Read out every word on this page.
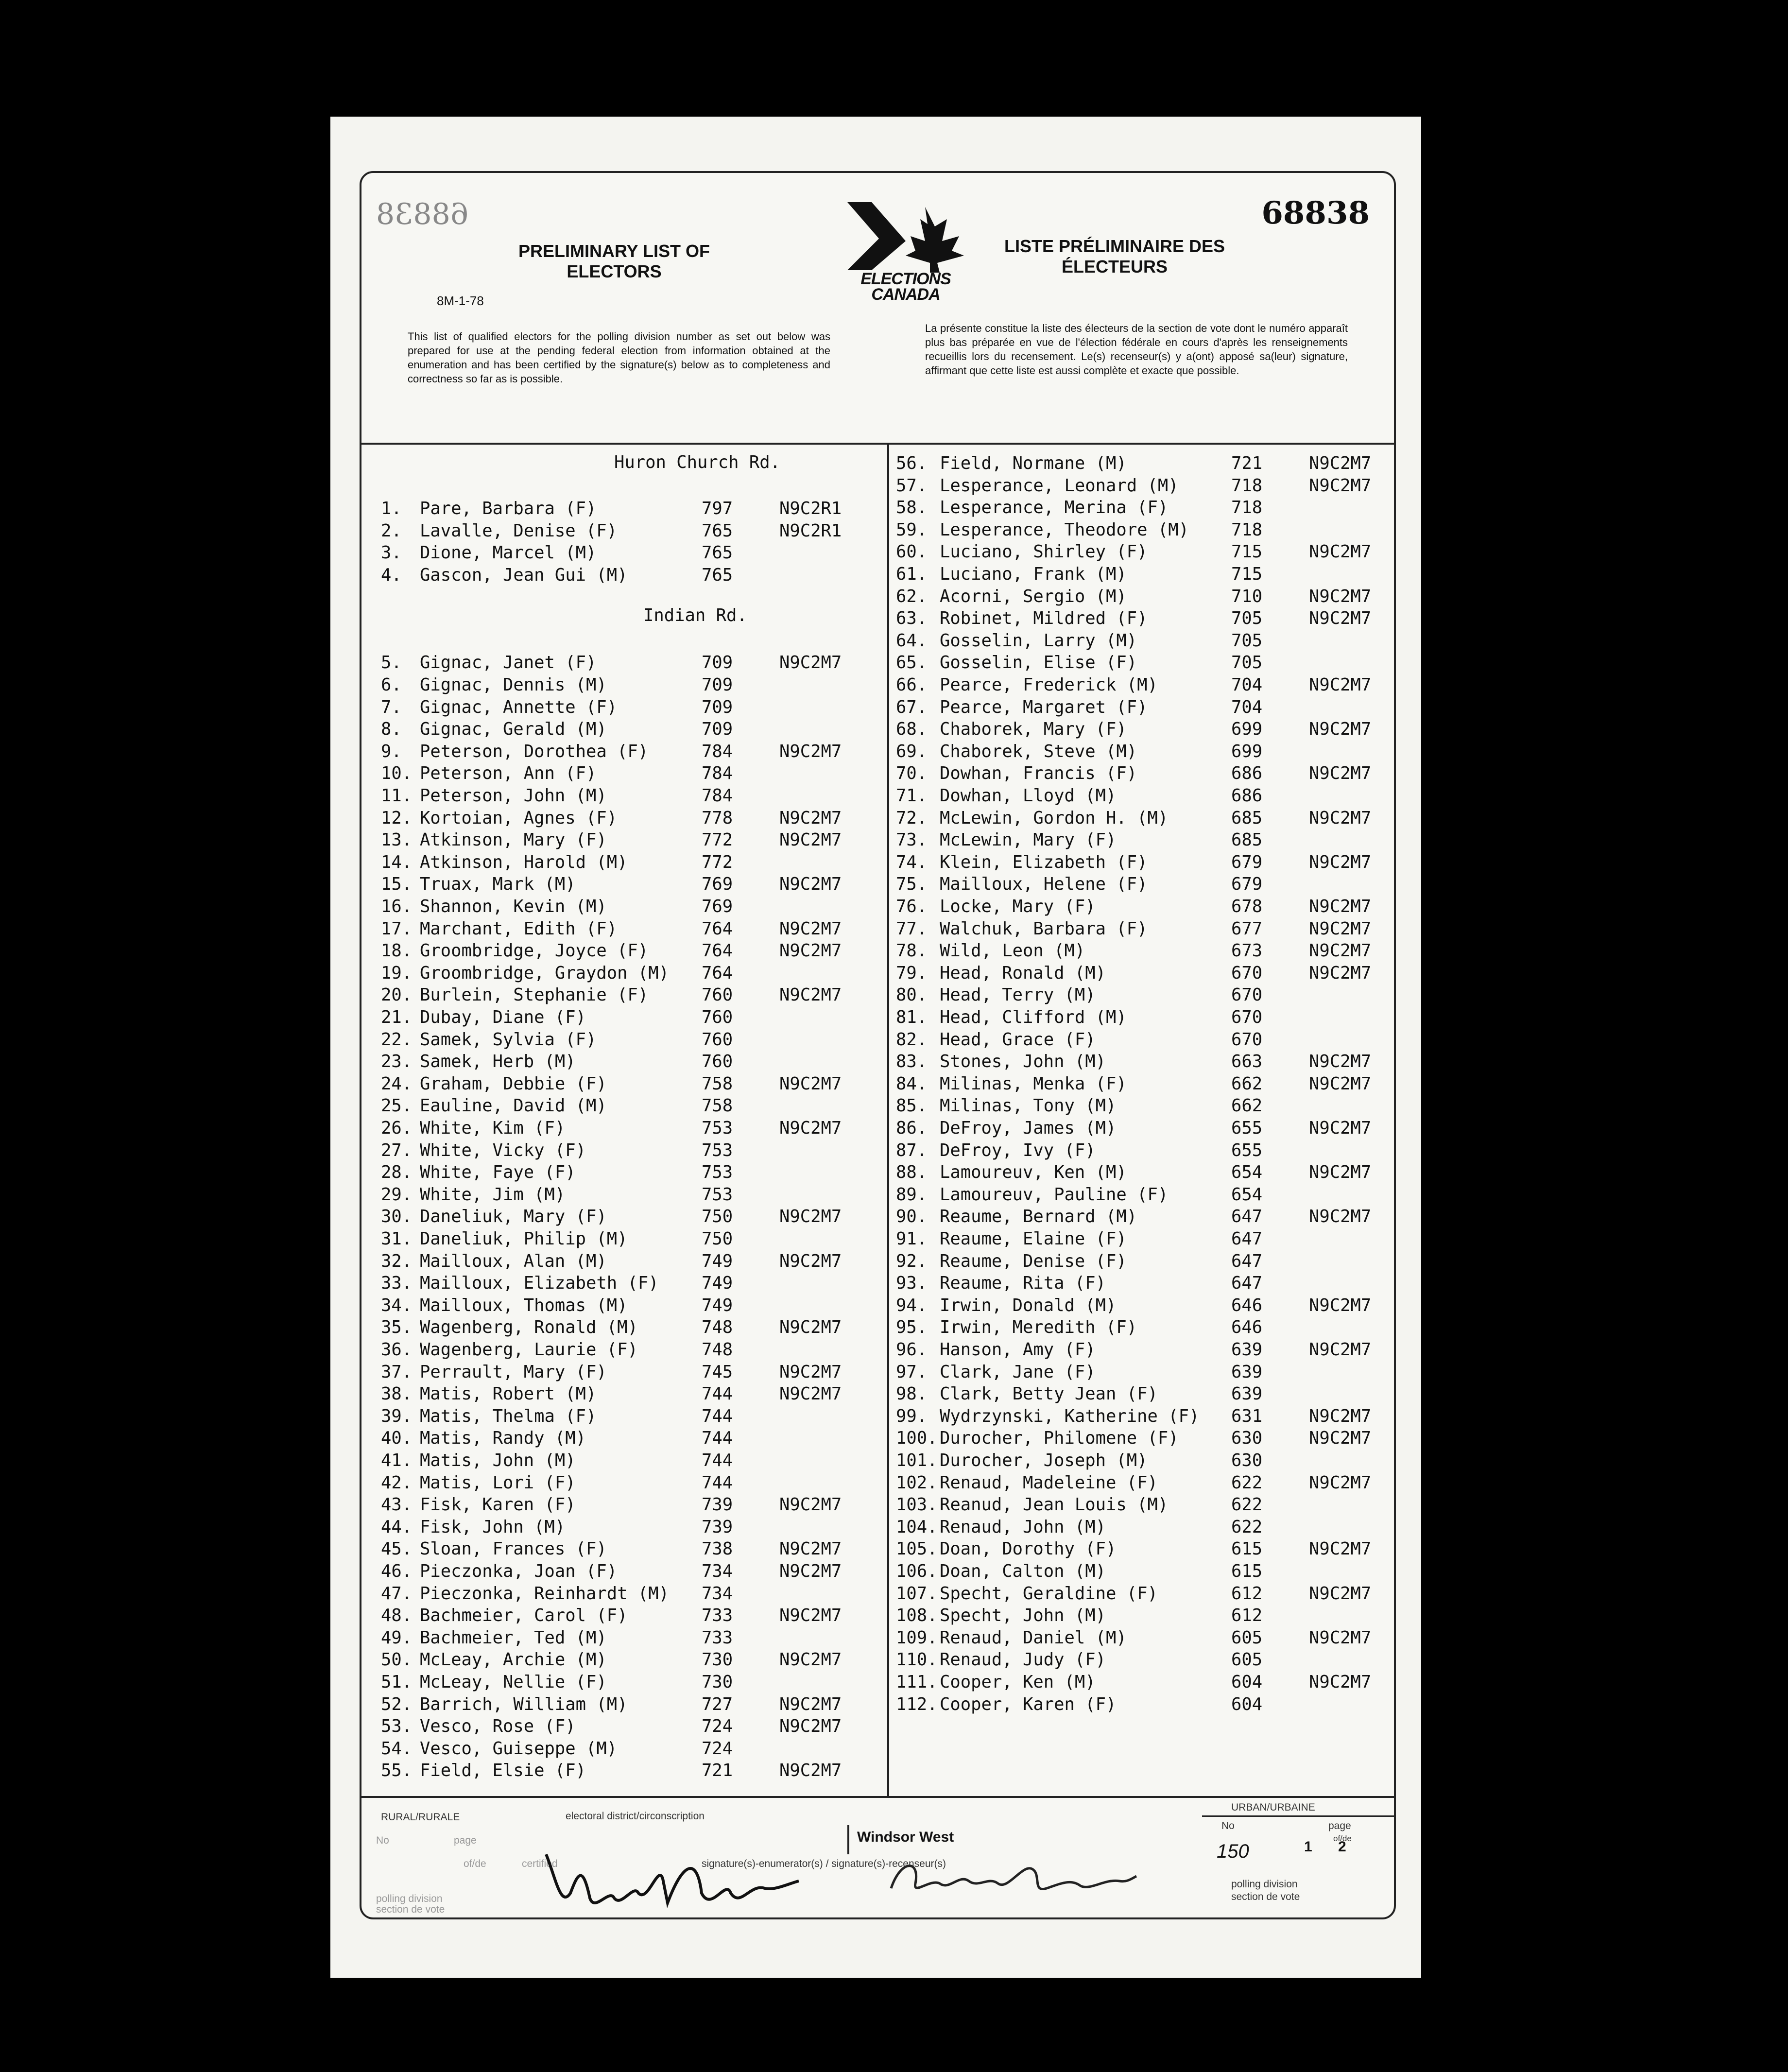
68838	68838
PRELIMINARY LIST OF
ELECTORS
LISTE PRÉLIMINAIRE DES
ÉLECTEURS
ELECTIONS
CANADA
8M-1-78
This list of qualified electors for the polling division number as set out below was prepared for use at the pending federal election from information obtained at the enumeration and has been certified by the signature(s) below as to completeness and correctness so far as is possible.
La présente constitue la liste des électeurs de la section de vote dont le numéro apparaît plus bas préparée en vue de l'élection fédérale en cours d'après les renseignements recueillis lors du recensement. Le(s) recenseur(s) y a(ont) apposé sa(leur) signature, affirmant que cette liste est aussi complète et exacte que possible.
Huron Church Rd.
Indian Rd.
1. Pare, Barbara (F)	797	N9C2R1
2. Lavalle, Denise (F)	765	N9C2R1
3. Dione, Marcel (M)	765
4. Gascon, Jean Gui (M)	765
5. Gignac, Janet (F)	709	N9C2M7
6. Gignac, Dennis (M)	709
7. Gignac, Annette (F)	709
8. Gignac, Gerald (M)	709
9. Peterson, Dorothea (F)	784	N9C2M7
10. Peterson, Ann (F)	784
11. Peterson, John (M)	784
12. Kortoian, Agnes (F)	778	N9C2M7
13. Atkinson, Mary (F)	772	N9C2M7
14. Atkinson, Harold (M)	772
15. Truax, Mark (M)	769	N9C2M7
16. Shannon, Kevin (M)	769
17. Marchant, Edith (F)	764	N9C2M7
18. Groombridge, Joyce (F)	764	N9C2M7
19. Groombridge, Graydon (M) 764
20. Burlein, Stephanie (F)	760	N9C2M7
21. Dubay, Diane (F)	760
22. Samek, Sylvia (F)	760
23. Samek, Herb (M)	760
24. Graham, Debbie (F)	758	N9C2M7
25. Eauline, David (M)	758
26. White, Kim (F)	753	N9C2M7
27. White, Vicky (F)	753
28. White, Faye (F)	753
29. White, Jim (M)	753
30. Daneliuk, Mary (F)	750	N9C2M7
31. Daneliuk, Philip (M)	750
32. Mailloux, Alan (M)	749	N9C2M7
33. Mailloux, Elizabeth (F) 749
34. Mailloux, Thomas (M)	749
35. Wagenberg, Ronald (M)	748	N9C2M7
36. Wagenberg, Laurie (F)	748
37. Perrault, Mary (F)	745	N9C2M7
38. Matis, Robert (M)	744	N9C2M7
39. Matis, Thelma (F)	744
40. Matis, Randy (M)	744
41. Matis, John (M)	744
42. Matis, Lori (F)	744
43. Fisk, Karen (F)	739	N9C2M7
44. Fisk, John (M)	739
45. Sloan, Frances (F)	738	N9C2M7
46. Pieczonka, Joan (F)	734	N9C2M7
47. Pieczonka, Reinhardt (M) 734
48. Bachmeier, Carol (F)	733	N9C2M7
49. Bachmeier, Ted (M)	733
50. McLeay, Archie (M)	730	N9C2M7
51. McLeay, Nellie (F)	730
52. Barrich, William (M)	727	N9C2M7
53. Vesco, Rose (F)	724	N9C2M7
54. Vesco, Guiseppe (M)	724
55. Field, Elsie (F)	721	N9C2M7
56. Field, Normane (M)	721	N9C2M7
57. Lesperance, Leonard (M)	718	N9C2M7
58. Lesperance, Merina (F)	718
59. Lesperance, Theodore (M) 718
60. Luciano, Shirley (F)	715	N9C2M7
61. Luciano, Frank (M)	715
62. Acorni, Sergio (M)	710	N9C2M7
63. Robinet, Mildred (F)	705	N9C2M7
64. Gosselin, Larry (M)	705
65. Gosselin, Elise (F)	705
66. Pearce, Frederick (M)	704	N9C2M7
67. Pearce, Margaret (F)	704
68. Chaborek, Mary (F)	699	N9C2M7
69. Chaborek, Steve (M)	699
70. Dowhan, Francis (F)	686	N9C2M7
71. Dowhan, Lloyd (M)	686
72. McLewin, Gordon H. (M)	685	N9C2M7
73. McLewin, Mary (F)	685
74. Klein, Elizabeth (F)	679	N9C2M7
75. Mailloux, Helene (F)	679
76. Locke, Mary (F)	678	N9C2M7
77. Walchuk, Barbara (F)	677	N9C2M7
78. Wild, Leon (M)	673	N9C2M7
79. Head, Ronald (M)	670	N9C2M7
80. Head, Terry (M)	670
81. Head, Clifford (M)	670
82. Head, Grace (F)	670
83. Stones, John (M)	663	N9C2M7
84. Milinas, Menka (F)	662	N9C2M7
85. Milinas, Tony (M)	662
86. DeFroy, James (M)	655	N9C2M7
87. DeFroy, Ivy (F)	655
88. Lamoureuv, Ken (M)	654	N9C2M7
89. Lamoureuv, Pauline (F)	654
90. Reaume, Bernard (M)	647	N9C2M7
91. Reaume, Elaine (F)	647
92. Reaume, Denise (F)	647
93. Reaume, Rita (F)	647
94. Irwin, Donald (M)	646	N9C2M7
95. Irwin, Meredith (F)	646
96. Hanson, Amy (F)	639	N9C2M7
97. Clark, Jane (F)	639
98. Clark, Betty Jean (F)	639
99. Wydrzynski, Katherine (F) 631	N9C2M7
100. Durocher, Philomene (F)	630	N9C2M7
101. Durocher, Joseph (M)	630
102. Renaud, Madeleine (F)	622	N9C2M7
103. Reanud, Jean Louis (M)	622
104. Renaud, John (M)	622
105. Doan, Dorothy (F)	615	N9C2M7
106. Doan, Calton (M)	615
107. Specht, Geraldine (F)	612	N9C2M7
108. Specht, John (M)	612
109. Renaud, Daniel (M)	605	N9C2M7
110. Renaud, Judy (F)	605
111. Cooper, Ken (M)	604	N9C2M7
112. Cooper, Karen (F)	604
RURAL/RURALE	electoral district/circonscription
Windsor West
URBAN/URBAINE
No	page
150	1 2
of/de
polling division
section de vote
No	page
of/de	certified
polling division
section de vote
signature(s)-enumerator(s) / signature(s)-recenseur(s)
